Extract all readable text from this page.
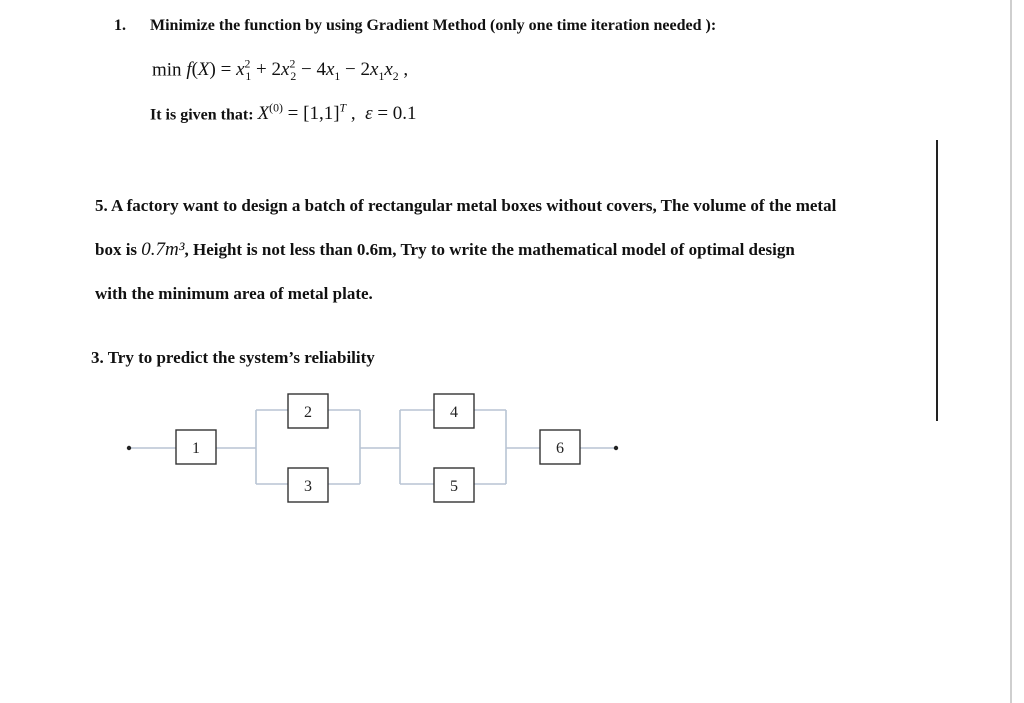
1. Minimize the function by using Gradient Method (only one time iteration needed ):
$\min f(X) = x^2_1 + 2x^2_2 - 4x_1 - 2x_1x_2$ ,
It is given that: $X^{(0)} = [1,1]^T$ ,  ε = 0.1
5. A factory want to design a batch of rectangular metal boxes without covers, The volume of the metal
box is 0.7m³, Height is not less than 0.6m, Try to write the mathematical model of optimal design
with the minimum area of metal plate.
3. Try to predict the system’s reliability
1
2
3
4
5
6
